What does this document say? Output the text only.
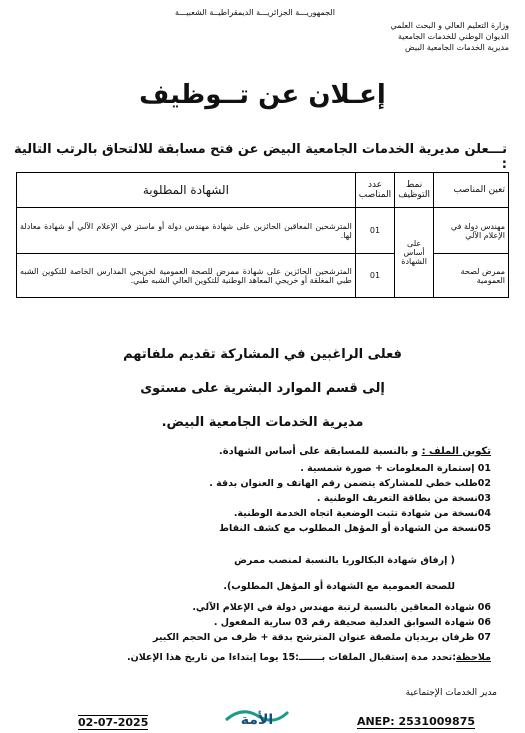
الجمهوريـــة الجزائريـــة الديمقراطيــة الشعبيـــة
وزارة التعليم العالي و البحث العلمي
الديوان الوطني للخدمات الجامعية
مديرية الخدمات الجامعية البيض
إعـلان عن تــوظيف
تـــعلن مديرية الخدمات الجامعية البيض عن فتح مسابقة للالتحاق بالرتب التالية :
تعين المناصب	نمط التوظيف	عدد المناصب	الشهادة المطلوبة
مهندس دولة في الإعلام الآلي	على أساس الشهادة	01	المترشحين المعاقين الحائزين على شهادة مهندس دولة أو ماستر في الإعلام الآلي أو شهادة معادلة لها.
ممرض لصحة العمومية		01	المترشحين الحائزين على شهادة ممرض للصحة العمومية لخريجي المدارس الخاصة للتكوين الشبه طبي المغلقة أو خريجي المعاهد الوطنية للتكوين العالي الشبه طبي.
فعلى الراغبين في المشاركة تقديم ملفاتهم
إلى قسم الموارد البشرية على مستوى
مديرية الخدمات الجامعية البيض.
تكوين الملف : و بالنسبة للمسابقة على أساس الشهادة.
01 إستمارة المعلومات + صورة شمسية .
02طلب خطي للمشاركة يتضمن رقم الهاتف و العنوان بدقة .
03نسخة من بطاقة التعريف الوطنية .
04نسخة من شهادة تثبت الوضعية اتجاه الخدمة الوطنية.
05نسخة من الشهادة أو المؤهل المطلوب مع كشف النقاط
( إرفاق شهادة البكالوريا بالنسبة لمنصب ممرض
للصحة العمومية مع الشهادة أو المؤهل المطلوب).
06 شهادة المعاقين بالنسبة لرتبة مهندس دولة في الإعلام الآلي.
06 شهادة السوابق العدلية صحيفة رقم 03 سارية المفعول .
07 ظرفان بريديان ملصقة عنوان المترشح بدقة + ظرف من الحجم الكبير
ملاحظة:تحدد مدة إستقبال الملفات بـــــــ:15 يوما إبتداءا من تاريخ هذا الإعلان.
مدير الخدمات الإجتماعية
02-07-2025	الأمة	ANEP: 2531009875
